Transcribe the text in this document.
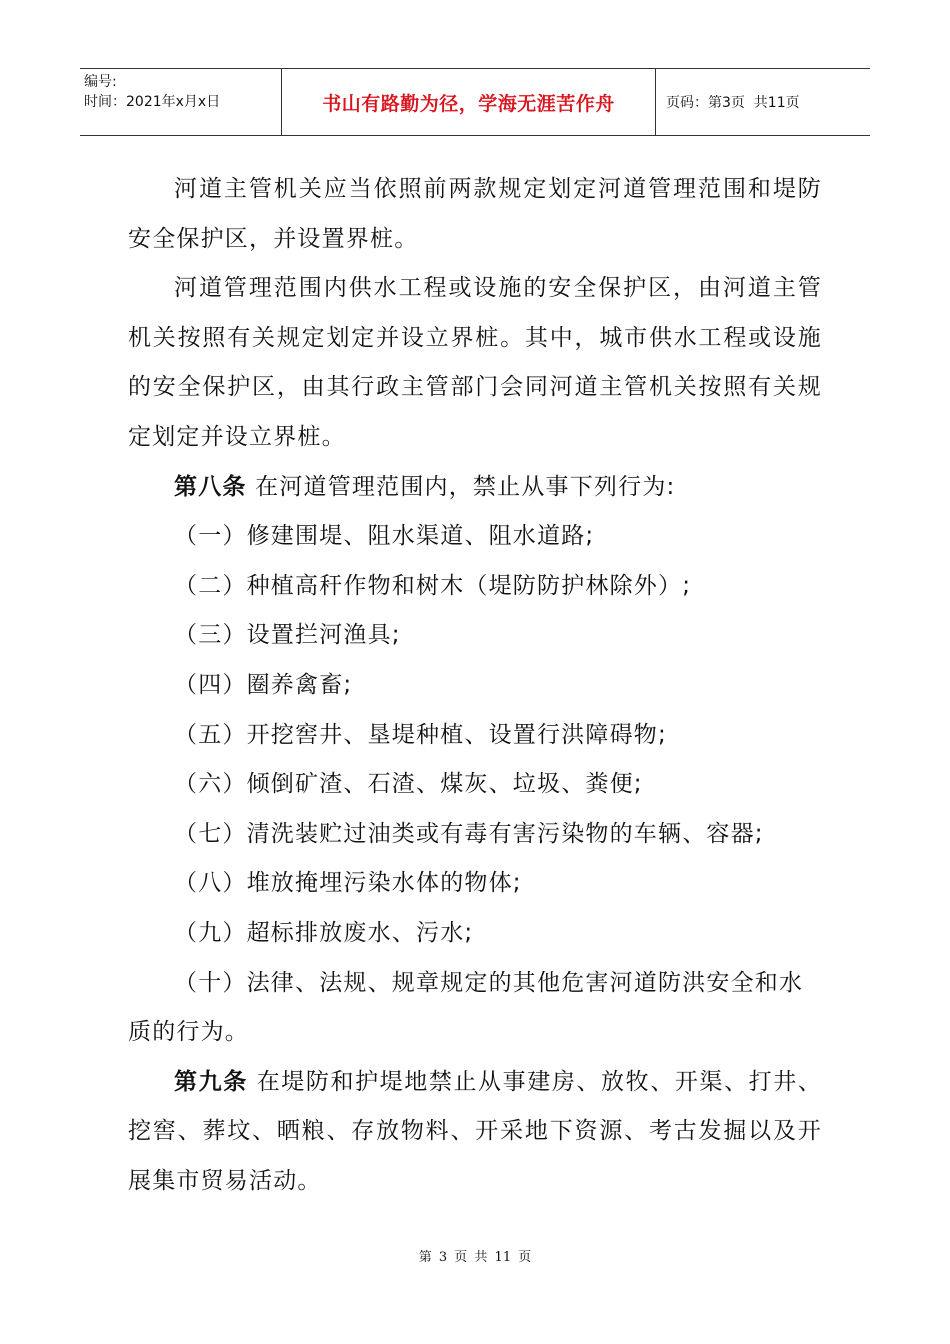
编号:
时间：2021年x月x日	书山有路勤为径，学海无涯苦作舟	页码：第3页  共11页

河道主管机关应当依照前两款规定划定河道管理范围和堤防安全保护区，并设置界桩。

河道管理范围内供水工程或设施的安全保护区，由河道主管机关按照有关规定划定并设立界桩。其中，城市供水工程或设施的安全保护区，由其行政主管部门会同河道主管机关按照有关规定划定并设立界桩。

第八条 在河道管理范围内，禁止从事下列行为:

（一）修建围堤、阻水渠道、阻水道路;

（二）种植高秆作物和树木（堤防防护林除外）;

（三）设置拦河渔具;

（四）圈养禽畜;

（五）开挖窖井、垦堤种植、设置行洪障碍物;

（六）倾倒矿渣、石渣、煤灰、垃圾、粪便;

（七）清洗装贮过油类或有毒有害污染物的车辆、容器;

（八）堆放掩埋污染水体的物体;

（九）超标排放废水、污水;

（十）法律、法规、规章规定的其他危害河道防洪安全和水质的行为。

第九条 在堤防和护堤地禁止从事建房、放牧、开渠、打井、挖窖、葬坟、晒粮、存放物料、开采地下资源、考古发掘以及开展集市贸易活动。

第 3 页 共 11 页
